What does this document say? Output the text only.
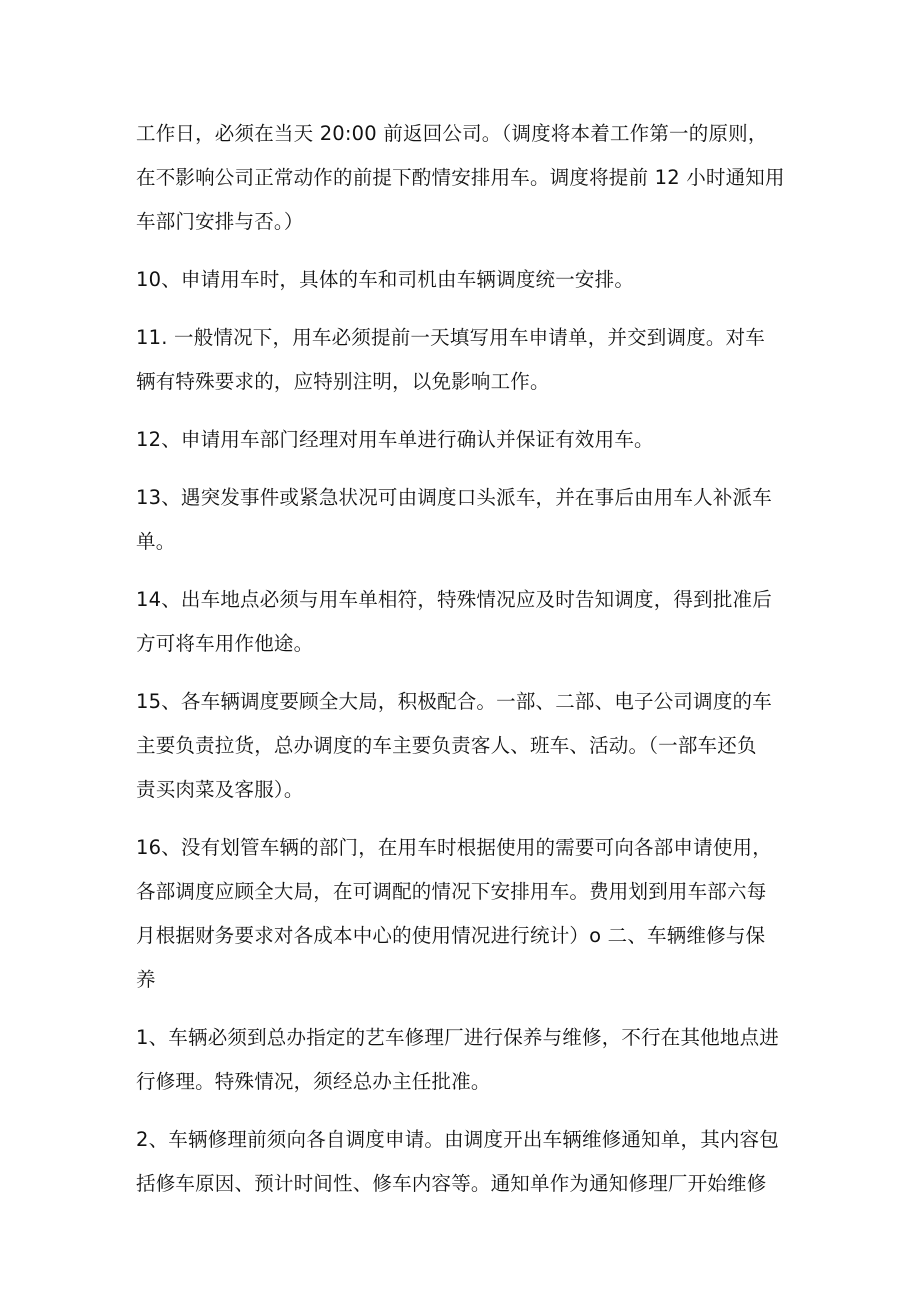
工作日，必须在当天 20:00 前返回公司。（调度将本着工作第一的原则，
在不影响公司正常动作的前提下酌情安排用车。调度将提前 12 小时通知用
车部门安排与否。）
10、申请用车时，具体的车和司机由车辆调度统一安排。
11. 一般情况下，用车必须提前一天填写用车申请单，并交到调度。对车
辆有特殊要求的，应特别注明，以免影响工作。
12、申请用车部门经理对用车单进行确认并保证有效用车。
13、遇突发事件或紧急状况可由调度口头派车，并在事后由用车人补派车
单。
14、出车地点必须与用车单相符，特殊情况应及时告知调度，得到批准后
方可将车用作他途。
15、各车辆调度要顾全大局，积极配合。一部、二部、电子公司调度的车
主要负责拉货，总办调度的车主要负责客人、班车、活动。（一部车还负
责买肉菜及客服）。
16、没有划管车辆的部门，在用车时根据使用的需要可向各部申请使用，
各部调度应顾全大局，在可调配的情况下安排用车。费用划到用车部六每
月根据财务要求对各成本中心的使用情况进行统计）o 二、车辆维修与保
养
1、车辆必须到总办指定的艺车修理厂进行保养与维修，不行在其他地点进
行修理。特殊情况，须经总办主任批准。
2、车辆修理前须向各自调度申请。由调度开出车辆维修通知单，其内容包
括修车原因、预计时间性、修车内容等。通知单作为通知修理厂开始维修
